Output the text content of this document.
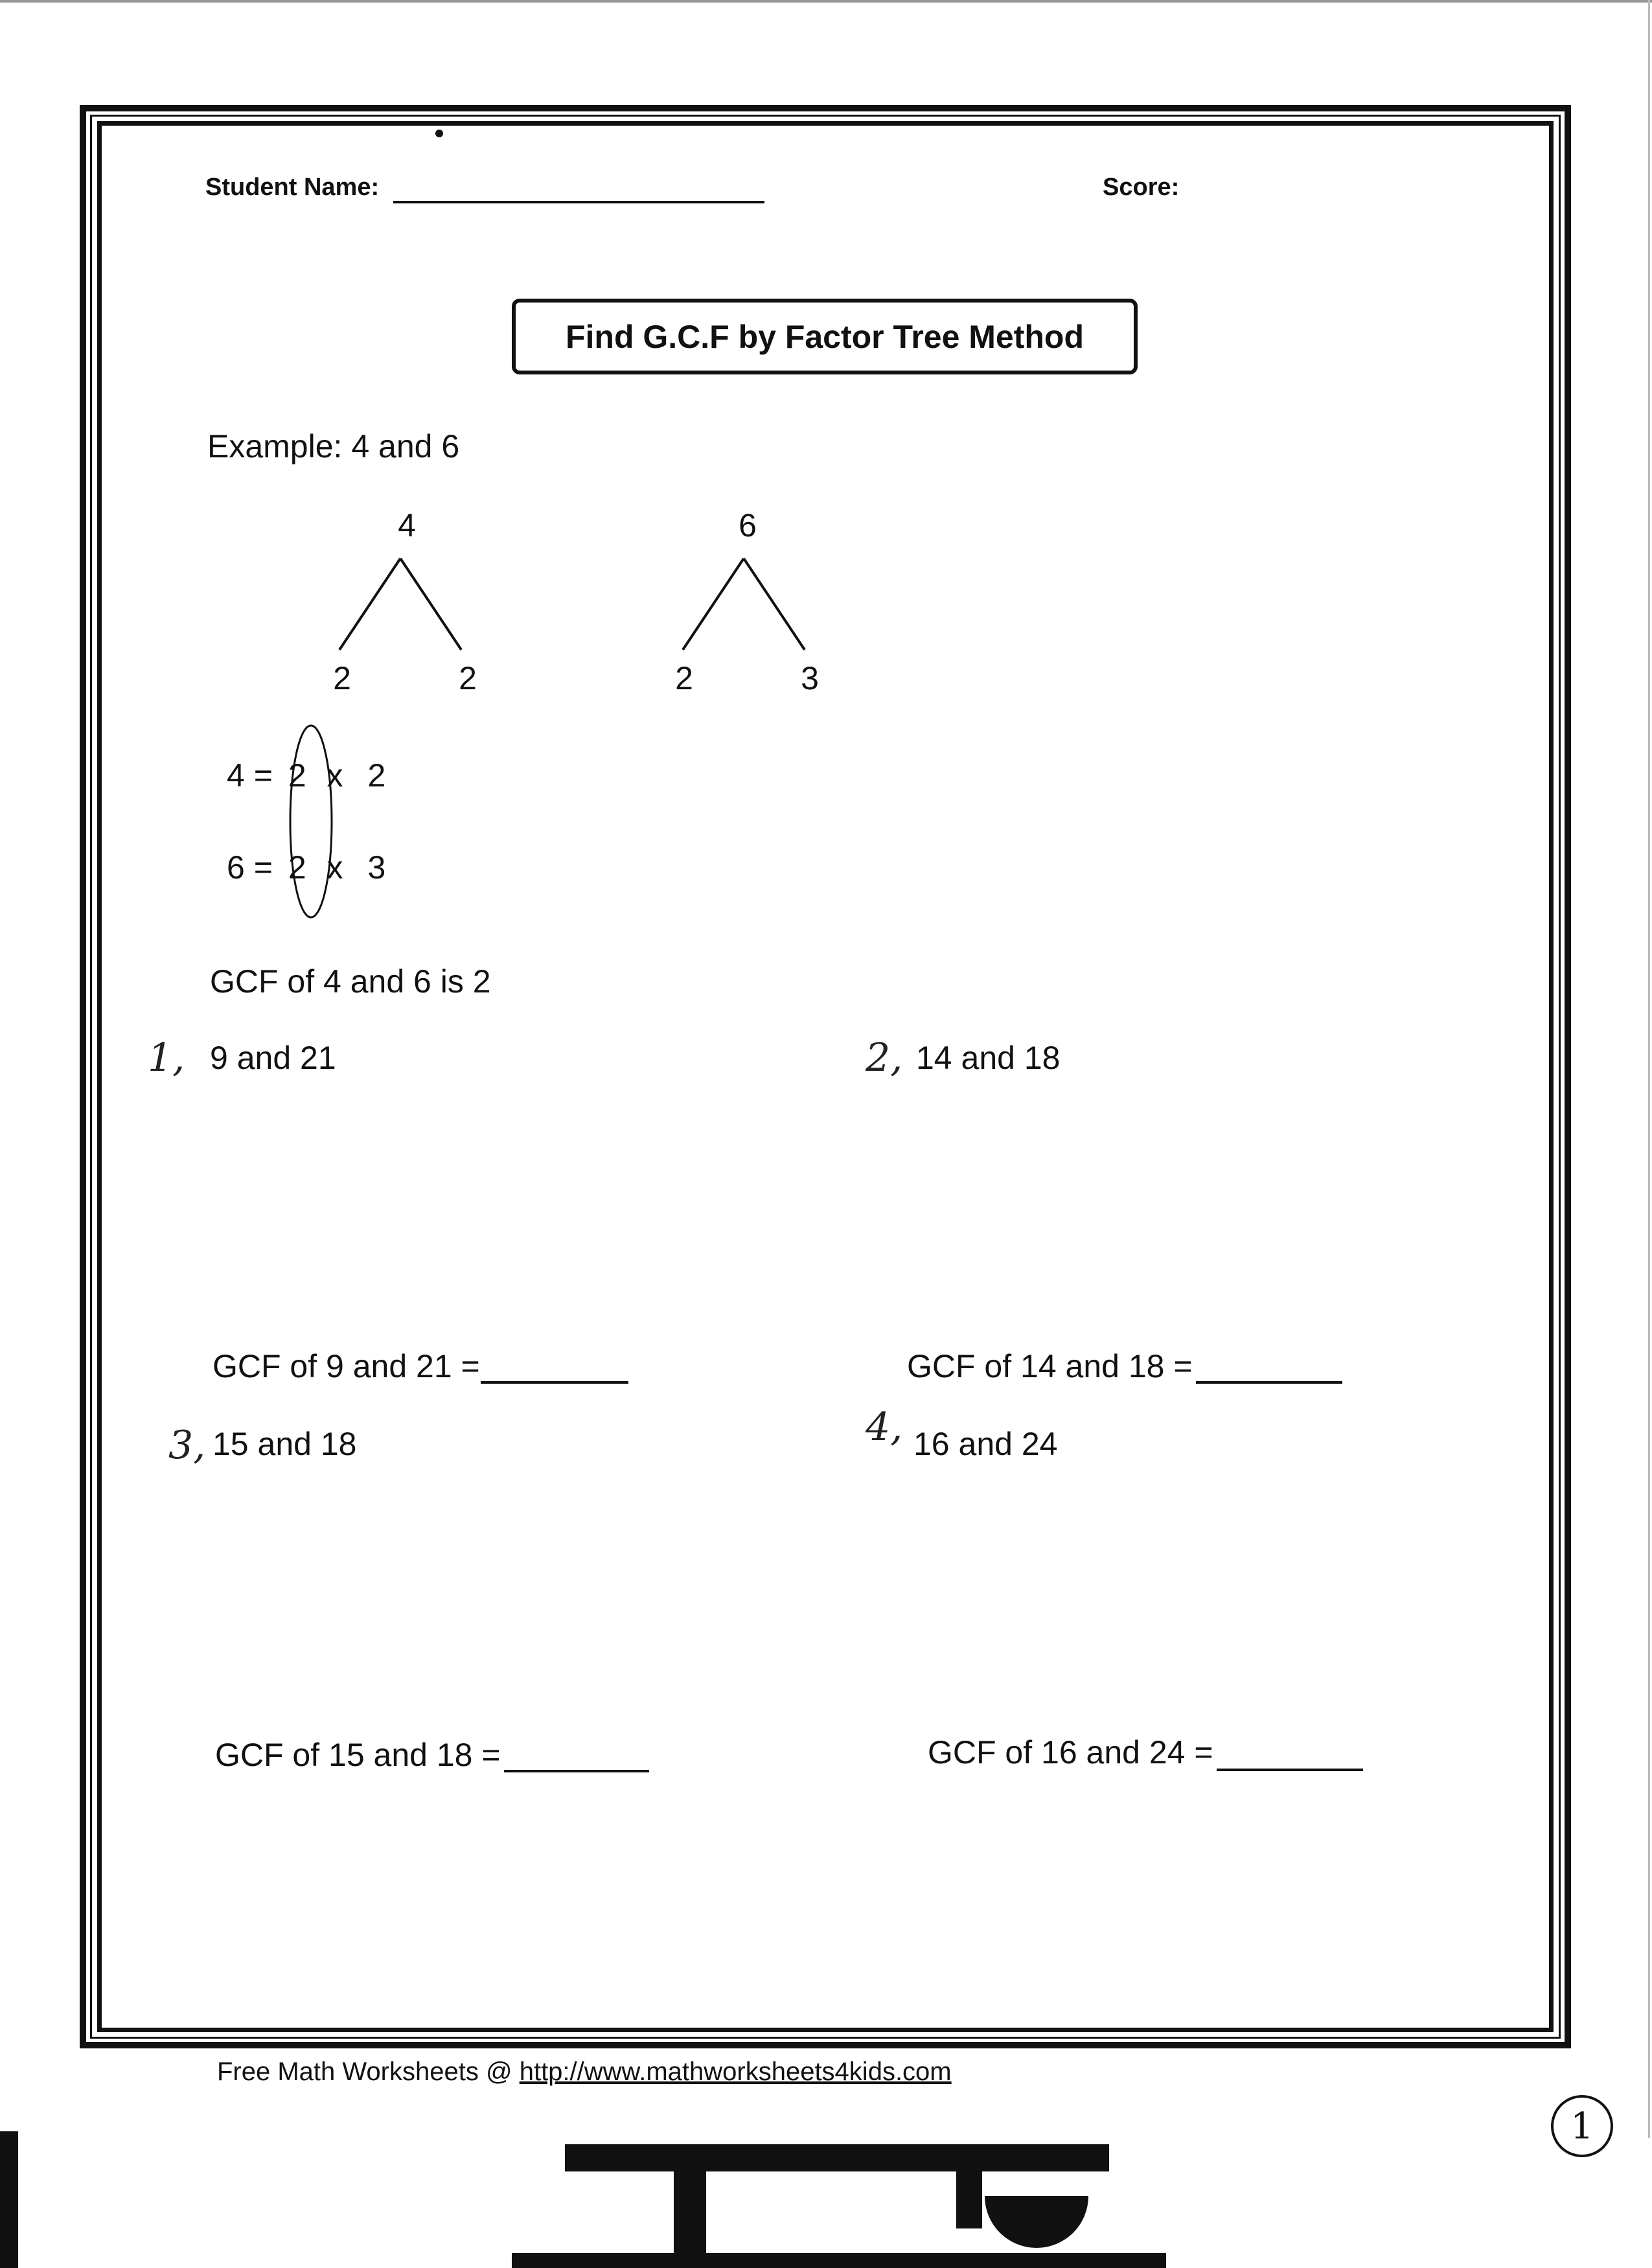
Student Name:	Score:
Find G.C.F by Factor Tree Method
Example: 4 and 6
4
2	2
6
2	3
4 = 2 x 2
6 = 2 x 3
GCF of 4 and 6 is 2
1, 9 and 21
GCF of 9 and 21 =
2, 14 and 18
GCF of 14 and 18 =
3, 15 and 18
GCF of 15 and 18 =
4, 16 and 24
GCF of 16 and 24 =
Free Math Worksheets @ http://www.mathworksheets4kids.com
1
